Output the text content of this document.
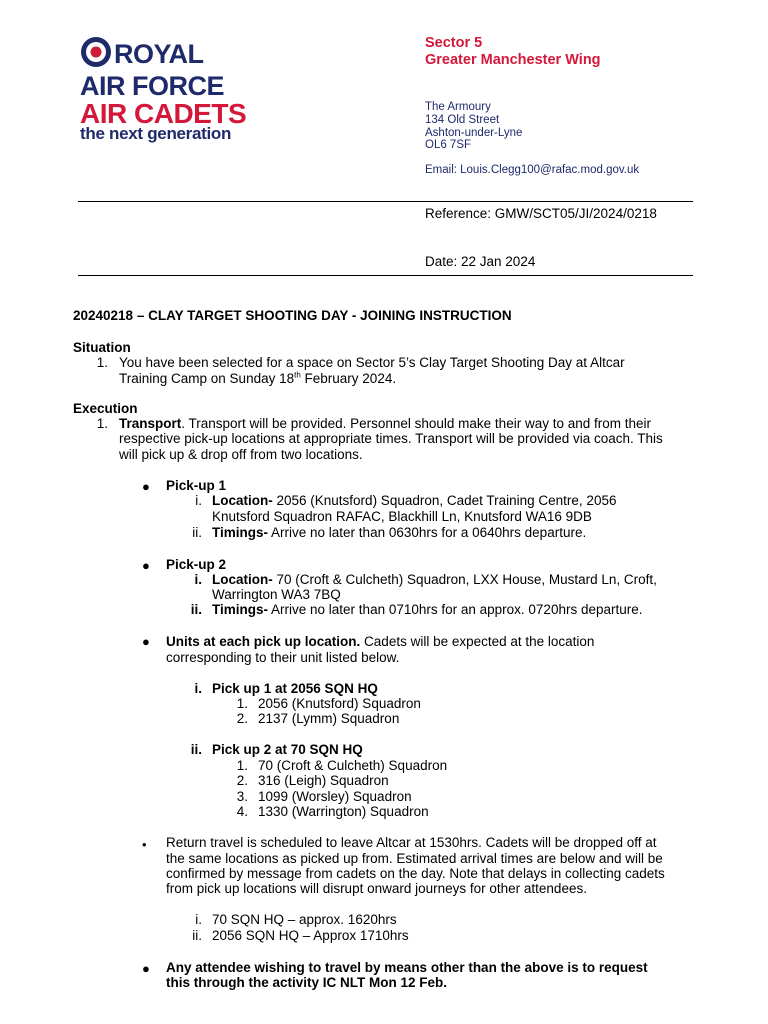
ROYAL
AIR FORCE
AIR CADETS
the next generation
Sector 5
Greater Manchester Wing
The Armoury
134 Old Street
Ashton-under-Lyne
OL6 7SF
Email: Louis.Clegg100@rafac.mod.gov.uk
Reference: GMW/SCT05/JI/2024/0218
Date: 22 Jan 2024
20240218 – CLAY TARGET SHOOTING DAY - JOINING INSTRUCTION
Situation
1. You have been selected for a space on Sector 5’s Clay Target Shooting Day at Altcar
Training Camp on Sunday 18th February 2024.
Execution
1. Transport. Transport will be provided. Personnel should make their way to and from their
respective pick-up locations at appropriate times. Transport will be provided via coach. This
will pick up & drop off from two locations.
● Pick-up 1
i. Location- 2056 (Knutsford) Squadron, Cadet Training Centre, 2056
Knutsford Squadron RAFAC, Blackhill Ln, Knutsford WA16 9DB
ii. Timings- Arrive no later than 0630hrs for a 0640hrs departure.
● Pick-up 2
i. Location- 70 (Croft & Culcheth) Squadron, LXX House, Mustard Ln, Croft,
Warrington WA3 7BQ
ii. Timings- Arrive no later than 0710hrs for an approx. 0720hrs departure.
● Units at each pick up location. Cadets will be expected at the location
corresponding to their unit listed below.
i. Pick up 1 at 2056 SQN HQ
1. 2056 (Knutsford) Squadron
2. 2137 (Lymm) Squadron
ii. Pick up 2 at 70 SQN HQ
1. 70 (Croft & Culcheth) Squadron
2. 316 (Leigh) Squadron
3. 1099 (Worsley) Squadron
4. 1330 (Warrington) Squadron
• Return travel is scheduled to leave Altcar at 1530hrs. Cadets will be dropped off at
the same locations as picked up from. Estimated arrival times are below and will be
confirmed by message from cadets on the day. Note that delays in collecting cadets
from pick up locations will disrupt onward journeys for other attendees.
i. 70 SQN HQ – approx. 1620hrs
ii. 2056 SQN HQ – Approx 1710hrs
● Any attendee wishing to travel by means other than the above is to request
this through the activity IC NLT Mon 12 Feb.
